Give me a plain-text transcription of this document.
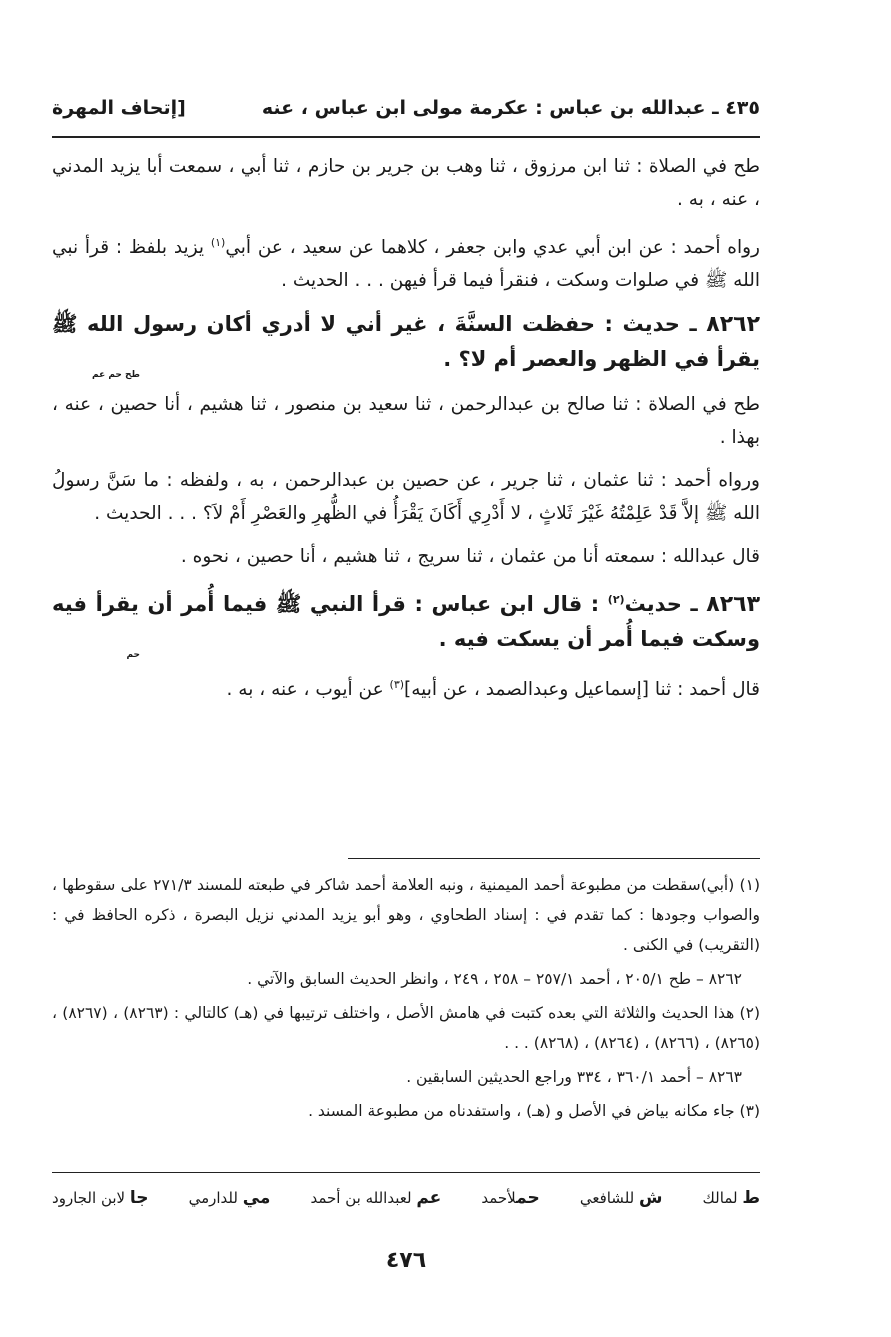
٤٣٥ ـ عبدالله بن عباس : عكرمة مولى ابن عباس ، عنه
[إتحاف المهرة

طح في الصلاة : ثنا ابن مرزوق ، ثنا وهب بن جرير بن حازم ، ثنا أبي ، سمعت أبا يزيد المدني ، عنه ، به .

رواه أحمد : عن ابن أبي عدي وابن جعفر ، كلاهما عن سعيد ، عن أبي$^{(١)}$ يزيد بلفظ : قرأ نبي الله ﷺ في صلوات وسكت ، فنقرأ فيما قرأ فيهن . . . الحديث .

٨٢٦٢ ـ حديث : حفظت السنَّةَ ، غير أني لا أدري أكان رسول الله ﷺ يقرأ في الظهر والعصر أم لا؟ .
طح حم عم

طح في الصلاة : ثنا صالح بن عبدالرحمن ، ثنا سعيد بن منصور ، ثنا هشيم ، أنا حصين ، عنه ، بهذا .

ورواه أحمد : ثنا عثمان ، ثنا جرير ، عن حصين بن عبدالرحمن ، به ، ولفظه : ما سَنَّ رسولُ الله ﷺ إلاَّ قَدْ عَلِمْتُهُ غَيْرَ ثَلاثٍ ، لا أَدْرِي أَكَانَ يَقْرَأُ في الظُّهرِ والعَصْرِ أَمْ لاَ؟ . . . الحديث .

قال عبدالله : سمعته أنا من عثمان ، ثنا سريج ، ثنا هشيم ، أنا حصين ، نحوه .

٨٢٦٣ ـ حديث$^{(٢)}$ : قال ابن عباس : قرأ النبي ﷺ فيما أُمر أن يقرأ فيه وسكت فيما أُمر أن يسكت فيه .
حم

قال أحمد : ثنا [إسماعيل وعبدالصمد ، عن أبيه]$^{(٣)}$ عن أيوب ، عنه ، به .

(١) (أبي)سقطت من مطبوعة أحمد الميمنية ، ونبه العلامة أحمد شاكر في طبعته للمسند ٢٧١/٣ على سقوطها ، والصواب وجودها : كما تقدم في : إسناد الطحاوي ، وهو أبو يزيد المدني نزيل البصرة ، ذكره الحافظ في : (التقريب) في الكنى .

٨٢٦٢ – طح ٢٠٥/١ ، أحمد ٢٥٧/١ – ٢٥٨ ، ٢٤٩ ، وانظر الحديث السابق والآتي .

(٢) هذا الحديث والثلاثة التي بعده كتبت في هامش الأصل ، واختلف ترتيبها في (هـ) كالتالي : (٨٢٦٣) ، (٨٢٦٧) ، (٨٢٦٥) ، (٨٢٦٦) ، (٨٢٦٤) ، (٨٢٦٨) . . .

٨٢٦٣ – أحمد ٣٦٠/١ ، ٣٣٤ وراجع الحديثين السابقين .

(٣) جاء مكانه بياض في الأصل و (هـ) ، واستفدناه من مطبوعة المسند .

ط لمالك
ش للشافعي
حملأحمد
عم لعبدالله بن أحمد
مي للدارمي
جا لابن الجارود
٤٧٦
